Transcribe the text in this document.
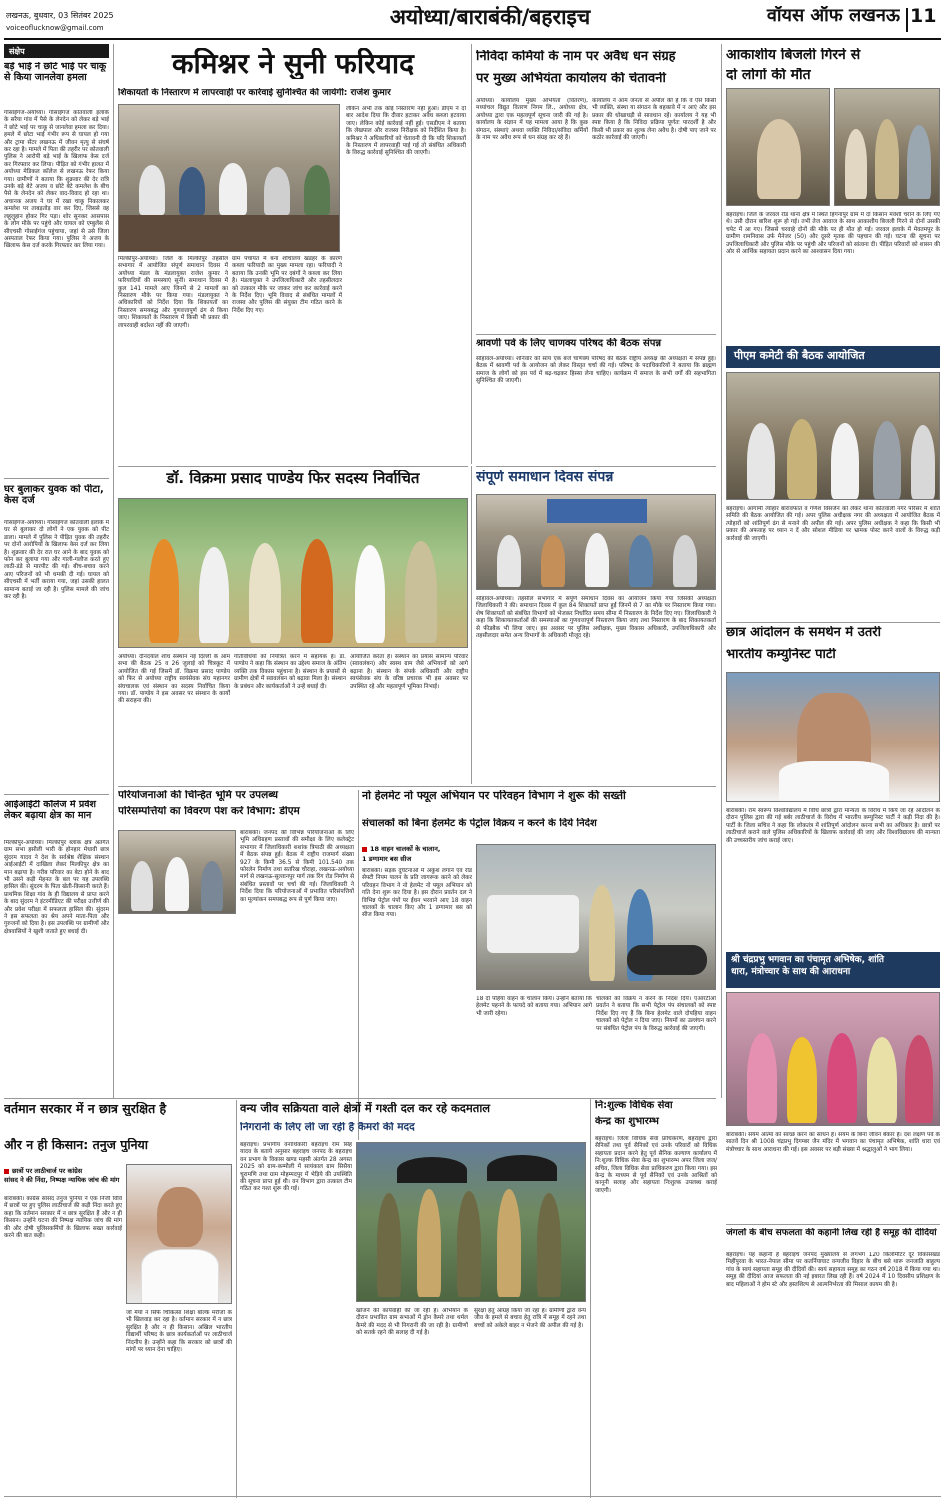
लखनऊ, बुधवार, 03 सितंबर 2025
voiceoflucknow@gmail.com	अयोध्या/बाराबंकी/बहराइच	वॉयस ऑफ लखनऊ 11
संक्षेप
बड़े भाई ने छोटे भाई पर चाकू से किया जानलेवा हमला
गोसाईगंज-अयोध्या। गोसाईगंज कोतवाली इलाके के सरैया गांव में पैसे के लेनदेन को लेकर बड़े भाई ने छोटे भाई पर चाकू से जानलेवा हमला कर दिया। हमले में छोटा भाई गंभीर रूप से घायल हो गया और ट्रामा सेंटर लखनऊ में जीवन मृत्यु से संघर्ष कर रहा है। मामले में पिता की तहरीर पर कोतवाली पुलिस ने आरोपी बड़े भाई के खिलाफ केस दर्ज कर गिरफ्तार कर लिया। पीड़ित को गंभीर हालत में अयोध्या मेडिकल कॉलेज से लखनऊ रेफर किया गया। ग्रामीणों ने बताया कि शुक्रवार की देर रात्रि उनके बड़े बेटे अजय व छोटे बेटे कमलेश के बीच पैसे के लेनदेन को लेकर वाद-विवाद हो रहा था। अचानक अजय ने घर में रखा चाकू निकालकर कमलेश पर ताबड़तोड़ वार कर दिए, जिससे वह लहूलुहान होकर गिर पड़ा। शोर सुनकर आसपास के लोग मौके पर पहुंचे और घायल को एम्बुलेंस से सीएचसी गोसाईगंज पहुंचाया, जहां से उसे जिला अस्पताल रेफर किया गया। पुलिस ने अजय के खिलाफ केस दर्ज करके गिरफ्तार कर लिया गया।
घर बुलाकर युवक को पीटा, केस दर्ज
गोसाईगंज-अयोध्या। गोसाईगंज कोतवाली इलाके में घर से बुलाकर दो लोगों ने एक युवक को पीट डाला। मामले में पुलिस ने पीड़ित युवक की तहरीर पर दोनों आरोपियों के खिलाफ केस दर्ज कर लिया है। शुक्रवार की देर रात घर आने के बाद युवक को फोन कर बुलाया गया और गाली-गलौज करते हुए लाठी-डंडे से मारपीट की गई। बीच-बचाव करने आए परिजनों को भी धमकी दी गई। घायल को सीएचसी में भर्ती कराया गया, जहां उसकी हालत सामान्य बताई जा रही है। पुलिस मामले की जांच कर रही है।
आईआईटी कॉलेज में प्रवेश लेकर बढ़ाया क्षेत्र का मान
मिल्कीपुर-अयोध्या। मिल्कीपुर ब्लॉक क्षेत्र अंतर्गत ग्राम सभा हसौली भारी के होनहार मेधावी छात्र सुंदरम यादव ने देश के सर्वश्रेष्ठ शैक्षिक संस्थान आईआईटी में दाखिला लेकर मिल्कीपुर क्षेत्र का मान बढ़ाया है। गरीब परिवार का बेटा होने के बाद भी उसने कड़ी मेहनत के बल पर यह उपलब्धि हासिल की। सुंदरम के पिता खेती-किसानी करते हैं। प्राथमिक शिक्षा गांव के ही विद्यालय से प्राप्त करने के बाद सुंदरम ने इंटरमीडिएट की परीक्षा उत्तीर्ण की और प्रवेश परीक्षा में सफलता हासिल की। सुंदरम ने इस सफलता का श्रेय अपने माता-पिता और गुरुजनों को दिया है। इस उपलब्धि पर ग्रामीणों और क्षेत्रवासियों ने खुशी जताते हुए बधाई दी।
कमिश्नर ने सुनी फरियाद
शिकायतों के निस्तारण में लापरवाही पर कार्रवाई सुनिश्चित की जायेगी: राजेश कुमार
मिल्कीपुर-अयोध्या। जिले के मिल्कीपुर तहसील सभागार में आयोजित संपूर्ण समाधान दिवस में अयोध्या मंडल के मंडलायुक्त राजेश कुमार ने फरियादियों की समस्याएं सुनीं। समाधान दिवस में कुल 141 मामले आए जिनमें से 2 मामलों का निस्तारण मौके पर किया गया। मंडलायुक्त ने अधिकारियों को निर्देश दिया कि शिकायतों का निस्तारण समयबद्ध और गुणवत्तापूर्ण ढंग से किया जाए। शिकायतों के निस्तारण में किसी भी प्रकार की लापरवाही बर्दाश्त नहीं की जाएगी।
ग्राम पंचायत में बना शौचालय खंडहर के कारण कब्जा फरियादी का मुख्य मामला रहा। फरियादी ने बताया कि उनकी भूमि पर दबंगों ने कब्जा कर लिया है। मंडलायुक्त ने उपजिलाधिकारी और तहसीलदार को तत्काल मौके पर जाकर जांच कर कार्रवाई करने के निर्देश दिए। भूमि विवाद से संबंधित मामलों में राजस्व और पुलिस की संयुक्त टीम गठित करने के निर्देश दिए गए।
लेकिन अभी तक कोई निस्तारण नहीं हुआ। डीएम ने दो बार आदेश दिया कि दीवार हटाकर अवैध कब्जा हटवाया जाए। लेकिन कोई कार्रवाई नहीं हुई। एसडीएम ने बताया कि लेखपाल और राजस्व निरीक्षक को निर्देशित किया है। कमिश्नर ने अधिकारियों को चेतावनी दी कि यदि शिकायतों के निस्तारण में लापरवाही पाई गई तो संबंधित अधिकारी के विरुद्ध कार्रवाई सुनिश्चित की जाएगी।
निविदा कर्मियों के नाम पर अवैध धन संग्रह
पर मुख्य अभियंता कार्यालय की चेतावनी
अयोध्या। कार्यालय मुख्य अभियंता (वितरण), मध्यांचल विद्युत वितरण निगम लि., अयोध्या क्षेत्र, अयोध्या द्वारा एक महत्वपूर्ण सूचना जारी की गई है। कार्यालय के संज्ञान में यह मामला आया है कि कुछ संगठन, संस्थाएं अथवा व्यक्ति निविदा/संविदा कर्मियों के नाम पर अवैध रूप से धन संग्रह कर रहे हैं।
कार्यालय ने आम जनता से अपील की है कि वे ऐसे किसी भी व्यक्ति, संस्था या संगठन के बहकावे में न आएं और इस प्रकार की धोखाधड़ी से सावधान रहें। कार्यालय ने यह भी स्पष्ट किया है कि निविदा प्रक्रिया पूर्णतः पारदर्शी है और किसी भी प्रकार का शुल्क लेना अवैध है। दोषी पाए जाने पर कठोर कार्रवाई की जाएगी।
श्रावणी पर्व के लिए चाणक्य परिषद की बैठक संपन्न
सोहावल-अयोध्या। शनिवार को सायं एक बजे चाणक्य परिषद की बैठक राष्ट्रीय अध्यक्ष की अध्यक्षता में संपन्न हुई। बैठक में श्रावणी पर्व के आयोजन को लेकर विस्तृत चर्चा की गई। परिषद के पदाधिकारियों ने बताया कि ब्राह्मण समाज के लोगों को इस पर्व में बढ़-चढ़कर हिस्सा लेना चाहिए। कार्यक्रम में समाज के सभी वर्गों की सहभागिता सुनिश्चित की जाएगी।
आकाशीय बिजली गिरने से
दो लोगों की मौत
बहराइच। जिले के जरवल रोड थाना क्षेत्र में स्थित हिंगनापुर ग्राम में दो किसान मवेशी चराने के लिए गए थे। उसी दौरान बारिश शुरू हो गई। तभी तेज आवाज के साथ आकाशीय बिजली गिरने से दोनों उसकी चपेट में आ गए। जिससे चरवाहे दोनों की मौके पर ही मौत हो गई। जरवल इलाके में मेवतमपुर के ग्रामीण रामनिवास उर्फ मैनेजर (50) और दूसरे मृतक की पहचान की गई। घटना की सूचना पर उपजिलाधिकारी और पुलिस मौके पर पहुंची और परिजनों को सांत्वना दी। पीड़ित परिवारों को शासन की ओर से आर्थिक सहायता प्रदान करने का आश्वासन दिया गया।
पीएम कमेटी की बैठक आयोजित
बहराइच। आगामी त्योहार बारावफात व गणेश विसर्जन को लेकर थाना कोतवाली नगर परिसर में शांति समिति की बैठक आयोजित की गई। अपर पुलिस अधीक्षक नगर की अध्यक्षता में आयोजित बैठक में त्योहारों को शांतिपूर्ण ढंग से मनाने की अपील की गई। अपर पुलिस अधीक्षक ने कहा कि किसी भी प्रकार की अफवाह पर ध्यान न दें और सोशल मीडिया पर भ्रामक पोस्ट करने वालों के विरुद्ध कड़ी कार्रवाई की जाएगी।
छात्र आंदोलन के समर्थन में उतरी
भारतीय कम्युनिस्ट पार्टी
बाराबंकी। राम स्वरूप विश्वविद्यालय में विधि छात्रों द्वारा मान्यता के विरोध में किये जा रहे आंदोलन के दौरान पुलिस द्वारा की गई बर्बर लाठीचार्ज के विरोध में भारतीय कम्युनिस्ट पार्टी ने कड़ी निंदा की है। पार्टी के जिला सचिव ने कहा कि लोकतंत्र में शांतिपूर्ण आंदोलन करना सभी का अधिकार है। छात्रों पर लाठीचार्ज कराने वाले पुलिस अधिकारियों के खिलाफ कार्रवाई की जाए और विश्वविद्यालय की मान्यता की उच्चस्तरीय जांच कराई जाए।
श्री चंद्रप्रभु भगवान का पंचामृत अभिषेक, शांति
धारा, मंत्रोच्चार के साथ की आराधना
बाराबंकी। संयम आत्मा को स्वच्छ करने का साधन है। संयम के बिना जीवन बेकार है। दश लक्षण पर्व के सातवें दिन श्री 1008 चंद्रप्रभु दिगम्बर जैन मंदिर में भगवान का पंचामृत अभिषेक, शांति धारा एवं मंत्रोच्चार के साथ आराधना की गई। इस अवसर पर बड़ी संख्या में श्रद्धालुओं ने भाग लिया।
जंगलों के बीच सफलता की कहानी लिख रहीं हैं समूह की दीदियां
बहराइच। यह कहानी है बहराइच जनपद मुख्यालय से लगभग 120 किलोमीटर दूर विकासखंड मिहींपुरवा के भारत-नेपाल सीमा पर कतर्नियाघाट वन्यजीव विहार के बीच बसे थारू जनजाति बाहुल्य गांव के स्वयं सहायता समूह की दीदियों की। स्वयं सहायता समूह का गठन वर्ष 2018 में किया गया था। समूह की दीदियां आज सफलता की नई इबारत लिख रही हैं। वर्ष 2024 में 10 दिवसीय प्रशिक्षण के बाद महिलाओं ने होम स्टे और हस्तशिल्प से आत्मनिर्भरता की मिसाल कायम की है।
डॉ. विक्रमा प्रसाद पाण्डेय फिर सदस्य निर्वाचित
अयोध्या। दीनदयाल शोध संस्थान नई दिल्ली के आम सभा की बैठक 25 व 26 जुलाई को चित्रकूट में आयोजित की गई जिसमें डॉ. विक्रमा प्रसाद पाण्डेय को फिर से अयोध्या राष्ट्रीय स्वयंसेवक संघ महानगर संघचालक एवं संस्थान का सदस्य निर्वाचित किया गया। डॉ. पाण्डेय ने इस अवसर पर संस्थान के कार्यों की सराहना की।
गतिविधियों को नियंत्रित करने में सहायक हैं। डॉ. पाण्डेय ने कहा कि संस्थान का उद्देश्य समाज के अंतिम व्यक्ति तक विकास पहुंचाना है। संस्थान के प्रयासों से ग्रामीण क्षेत्रों में स्वावलंबन को बढ़ावा मिला है। संस्थान के प्रबंधन और कार्यकर्ताओं ने उन्हें बधाई दी।
आयोजित करता है। संस्थान का प्रयास सामान्य परिवार (स्वावलंबन) और स्वस्थ ग्राम जैसे अभियानों को आगे बढ़ाना है। संस्थान के संपर्क अधिकारी और राष्ट्रीय स्वयंसेवक संघ के वरिष्ठ प्रचारक भी इस अवसर पर उपस्थित रहे और महत्वपूर्ण भूमिका निभाई।
संपूर्ण समाधान दिवस संपन्न
सोहावल-अयोध्या। तहसील सभागार में संपूर्ण समाधान दिवस का आयोजन किया गया जिसकी अध्यक्षता जिलाधिकारी ने की। समाधान दिवस में कुल 84 शिकायतें प्राप्त हुईं जिनमें से 7 का मौके पर निस्तारण किया गया। शेष शिकायतों को संबंधित विभागों को भेजकर निर्धारित समय सीमा में निस्तारण के निर्देश दिए गए। जिलाधिकारी ने कहा कि शिकायतकर्ताओं की समस्याओं का गुणवत्तापूर्ण निस्तारण किया जाए तथा निस्तारण के बाद शिकायतकर्ता से फीडबैक भी लिया जाए। इस अवसर पर पुलिस अधीक्षक, मुख्य विकास अधिकारी, उपजिलाधिकारी और तहसीलदार समेत अन्य विभागों के अधिकारी मौजूद रहे।
परियोजनाओं की चिन्हित भूमि पर उपलब्ध
परिसम्पत्तियों का विवरण पेश करें विभाग: डीएम
बाराबंकी। जनपद की विभिन्न परियोजनाओं के लिए भूमि अधिग्रहण प्रस्तावों की समीक्षा के लिए कलेक्ट्रेट सभागार में जिलाधिकारी शशांक त्रिपाठी की अध्यक्षता में बैठक संपन्न हुई। बैठक में राष्ट्रीय राजमार्ग संख्या 927 के किमी 36.5 से किमी 101.540 तक फोरलेन निर्माण तथा सतरिख चौराहा, लखनऊ-अयोध्या मार्ग से लखनऊ-सुल्तानपुर मार्ग तक रिंग रोड निर्माण से संबंधित प्रस्तावों पर चर्चा की गई। जिलाधिकारी ने निर्देश दिया कि परियोजनाओं में प्रभावित परिसंपत्तियों का मूल्यांकन समयबद्ध रूप से पूर्ण किया जाए।
नो हेलमेट नो फ्यूल अभियान पर परिवहन विभाग ने शुरू की सख्ती
संचालकों को बिना हेलमेट के पेट्रोल विक्रय न करने के दिये निर्देश
18 वाहन चालकों के चालान,
1 डग्गामार बस सीज
बाराबंकी। सड़क दुर्घटनाओं में अंकुश लगाने एवं रोड सेफ्टी नियम पालन के प्रति जागरूक करने को लेकर परिवहन विभाग ने नो हेलमेट नो फ्यूल अभियान को गति देना शुरू कर दिया है। इस दौरान प्रवर्तन दल ने विभिन्न पेट्रोल पंपों पर ईंधन भरवाने आए 18 वाहन चालकों के चालान किए और 1 डग्गामार बस को सीज किया गया।
18 दो पहिया वाहन के चालान किये। उन्होंने बताया कि हेलमेट पहनने के फायदे को बताया गया। अभियान आगे भी जारी रहेगा।
चालकों को विक्रय न करने के निर्देश दिये। एआरटीओ प्रवर्तन ने बताया कि सभी पेट्रोल पंप संचालकों को स्पष्ट निर्देश दिए गए हैं कि बिना हेलमेट वाले दोपहिया वाहन चालकों को पेट्रोल न दिया जाए। नियमों का उल्लंघन करने पर संबंधित पेट्रोल पंप के विरुद्ध कार्रवाई की जाएगी।
नि:शुल्क विधिक सेवा
केन्द्र का शुभारम्भ
बहराइच। जिला विधिक सेवा प्राधिकरण, बहराइच द्वारा सैनिकों तथा पूर्व सैनिकों एवं उनके परिवारों को विधिक सहायता प्रदान करने हेतु पूर्व सैनिक कल्याण कार्यालय में नि:शुल्क विधिक सेवा केन्द्र का शुभारम्भ अपर जिला जज/सचिव, जिला विधिक सेवा प्राधिकरण द्वारा किया गया। इस केन्द्र के माध्यम से पूर्व सैनिकों एवं उनके आश्रितों को कानूनी सलाह और सहायता निःशुल्क उपलब्ध कराई जाएगी।
वर्तमान सरकार में न छात्र सुरक्षित है
और न ही किसान: तनुज पुनिया
छात्रों पर लाठीचार्ज पर कांग्रेस
सांसद ने की निंदा, निष्पक्ष न्यायिक जांच की मांग
बाराबंकी। कांग्रेस सांसद तनुज पुनिया ने एक निजी विवि में छात्रों पर हुए पुलिस लाठीचार्ज की कड़ी निंदा करते हुए कहा कि वर्तमान सरकार में न छात्र सुरक्षित हैं और न ही किसान। उन्होंने घटना की निष्पक्ष न्यायिक जांच की मांग की और दोषी पुलिसकर्मियों के खिलाफ सख्त कार्रवाई करने की बात कही।
जो मेयो न सिर्फ चिकित्सा शिक्षा बल्कि मरीजों के भी खिलवाड़ कर रहा है। वर्तमान सरकार में न छात्र सुरक्षित है और न ही किसान। अखिल भारतीय विद्यार्थी परिषद के छात्र कार्यकर्ताओं पर लाठीचार्ज निंदनीय है। उन्होंने कहा कि सरकार को छात्रों की मांगों पर ध्यान देना चाहिए।
वन्य जीव सक्रियता वाले क्षेत्रों में गश्ती दल कर रहे कदमताल
निगरानी के लिए ली जा रही है कैमरों की मदद
बहराइच। प्रभागीय वनाधिकारी बहराइच राम सिंह यादव के बताये अनुसार बहराइच जनपद के बहराइच वन प्रभाग के विकास खण्ड महसी अंतर्गत 28 अगस्त 2025 को ग्राम-कम्मौली में सायंकाल ग्राम सिसैया चूरामणि तथा ग्राम मोहम्मदपुर में भेड़िये की उपस्थिति की सूचना प्राप्त हुई थी। वन विभाग द्वारा तत्काल टीम गठित कर गश्त शुरू की गई।
खोजने की कार्यवाही की जा रही है। अभियान के दौरान प्रभावित ग्राम सभाओं में ड्रोन कैमरे तथा थर्मल कैमरे की मदद से भी निगरानी की जा रही है। ग्रामीणों को सतर्क रहने की सलाह दी गई है।
सुरक्षा हेतु आग्रह किया जा रहा है। ग्रामीणों द्वारा वन्य जीव के हमले से बचाव हेतु रात्रि में समूह में रहने तथा बच्चों को अकेले बाहर न भेजने की अपील की गई है।
